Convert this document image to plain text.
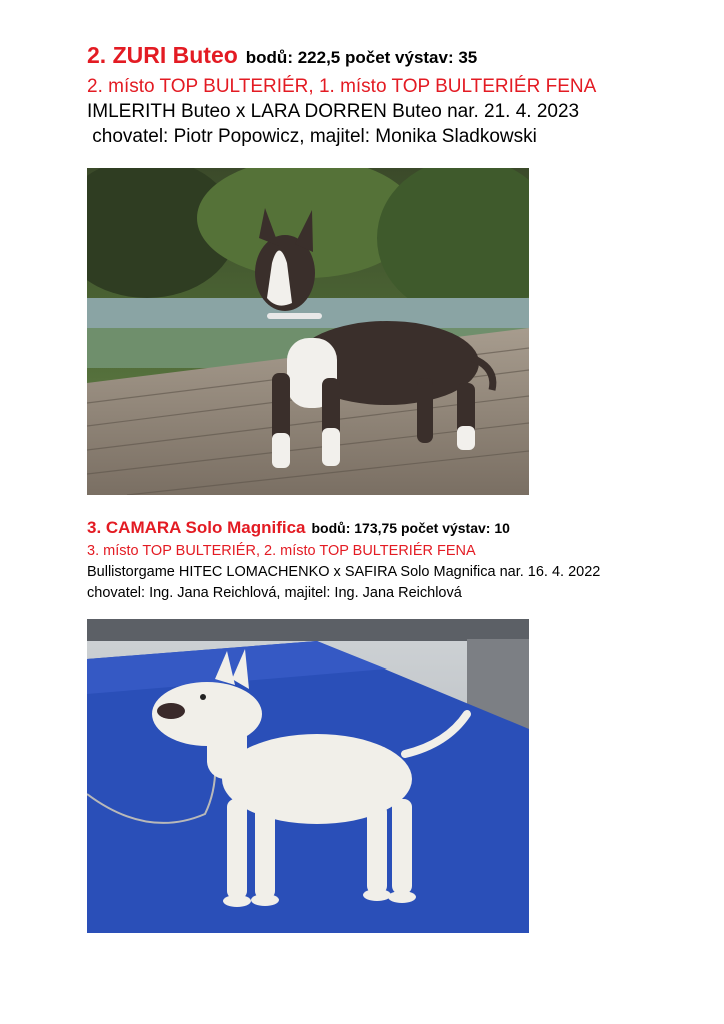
2. ZURI Buteo bodů: 222,5 počet výstav: 35
2. místo TOP BULTERIÉR, 1. místo TOP BULTERIÉR FENA
IMLERITH Buteo x LARA DORREN Buteo nar. 21. 4. 2023
chovatel: Piotr Popowicz, majitel: Monika Sladkowski
3. CAMARA Solo Magnifica bodů: 173,75 počet výstav: 10
3. místo TOP BULTERIÉR, 2. místo TOP BULTERIÉR FENA
Bullistorgame HITEC LOMACHENKO x SAFIRA Solo Magnifica nar. 16. 4. 2022
chovatel: Ing. Jana Reichlová, majitel: Ing. Jana Reichlová
